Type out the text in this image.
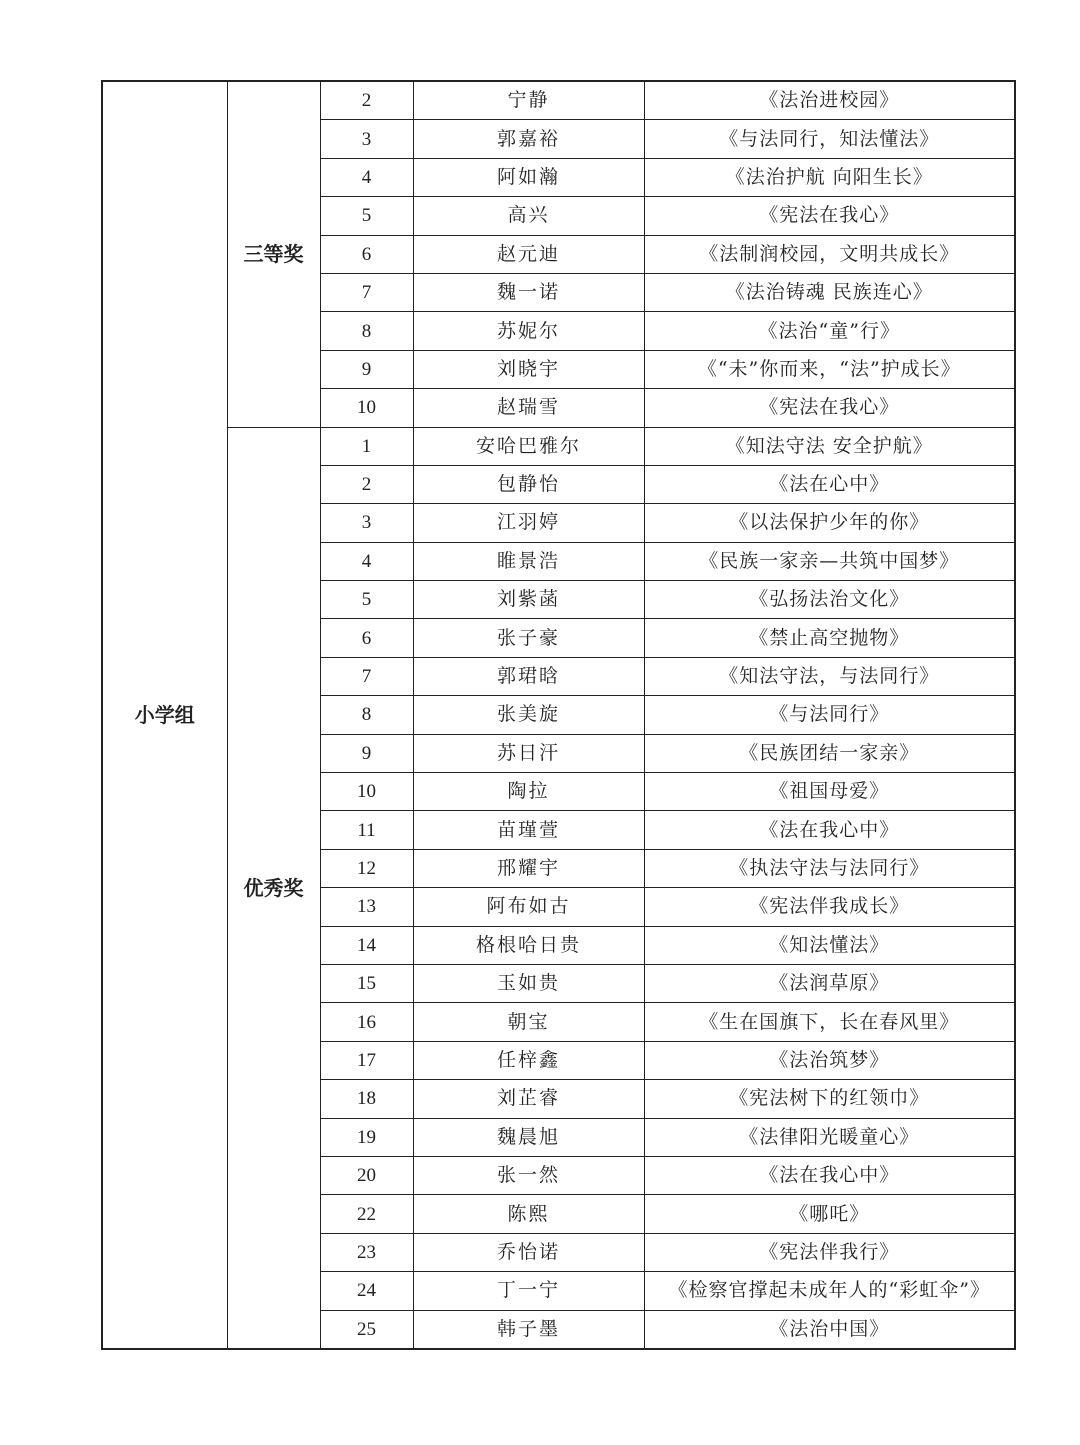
小学组	三等奖	2	宁静	《法治进校园》
		3	郭嘉裕	《与法同行，知法懂法》
		4	阿如瀚	《法治护航 向阳生长》
		5	高兴	《宪法在我心》
		6	赵元迪	《法制润校园，文明共成长》
		7	魏一诺	《法治铸魂 民族连心》
		8	苏妮尔	《法治“童”行》
		9	刘晓宇	《“未”你而来，“法”护成长》
		10	赵瑞雪	《宪法在我心》
	优秀奖	1	安哈巴雅尔	《知法守法 安全护航》
		2	包静怡	《法在心中》
		3	江羽婷	《以法保护少年的你》
		4	睢景浩	《民族一家亲—共筑中国梦》
		5	刘紫菡	《弘扬法治文化》
		6	张子豪	《禁止高空抛物》
		7	郭珺晗	《知法守法，与法同行》
		8	张美旋	《与法同行》
		9	苏日汗	《民族团结一家亲》
		10	陶拉	《祖国母爱》
		11	苗瑾萱	《法在我心中》
		12	邢耀宇	《执法守法与法同行》
		13	阿布如古	《宪法伴我成长》
		14	格根哈日贵	《知法懂法》
		15	玉如贵	《法润草原》
		16	朝宝	《生在国旗下，长在春风里》
		17	任梓鑫	《法治筑梦》
		18	刘芷睿	《宪法树下的红领巾》
		19	魏晨旭	《法律阳光暖童心》
		20	张一然	《法在我心中》
		22	陈熙	《哪吒》
		23	乔怡诺	《宪法伴我行》
		24	丁一宁	《检察官撑起未成年人的“彩虹伞”》
		25	韩子墨	《法治中国》
